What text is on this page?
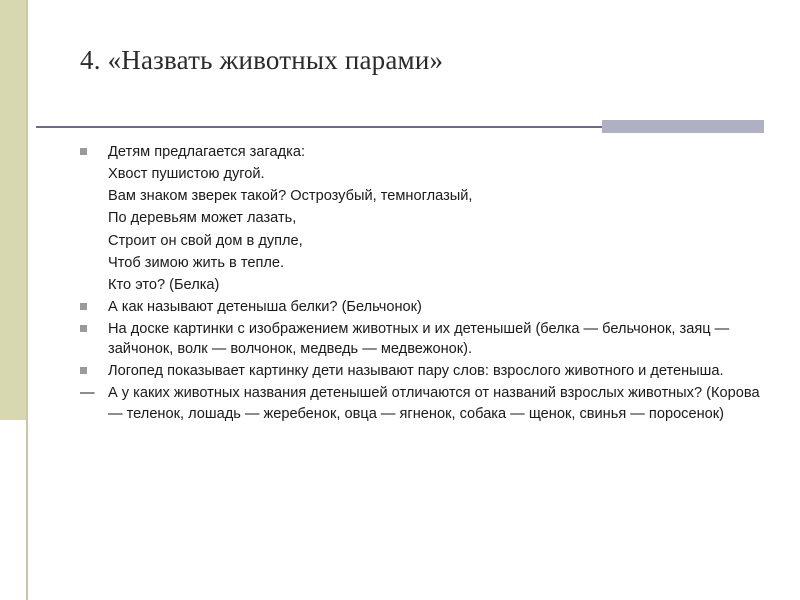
4. «Назвать животных парами»
Детям предлагается загадка:
Хвост пушистою дугой.
Вам знаком зверек такой? Острозубый, темноглазый,
По деревьям может лазать,
Строит он свой дом в дупле,
Чтоб зимою жить в тепле.
Кто это? (Белка)
А как называют детеныша белки? (Бельчонок)
На доске картинки с изображением животных и их детенышей (белка — бельчонок, заяц — зайчонок, волк — волчонок, медведь — медвежонок).
Логопед показывает картинку дети называют пару слов: взрослого животного и детеныша.
— А у каких животных названия детенышей отличаются от названий взрослых животных? (Корова — теленок, лошадь — жеребенок, овца — ягненок, собака — щенок, свинья — поросенок)
